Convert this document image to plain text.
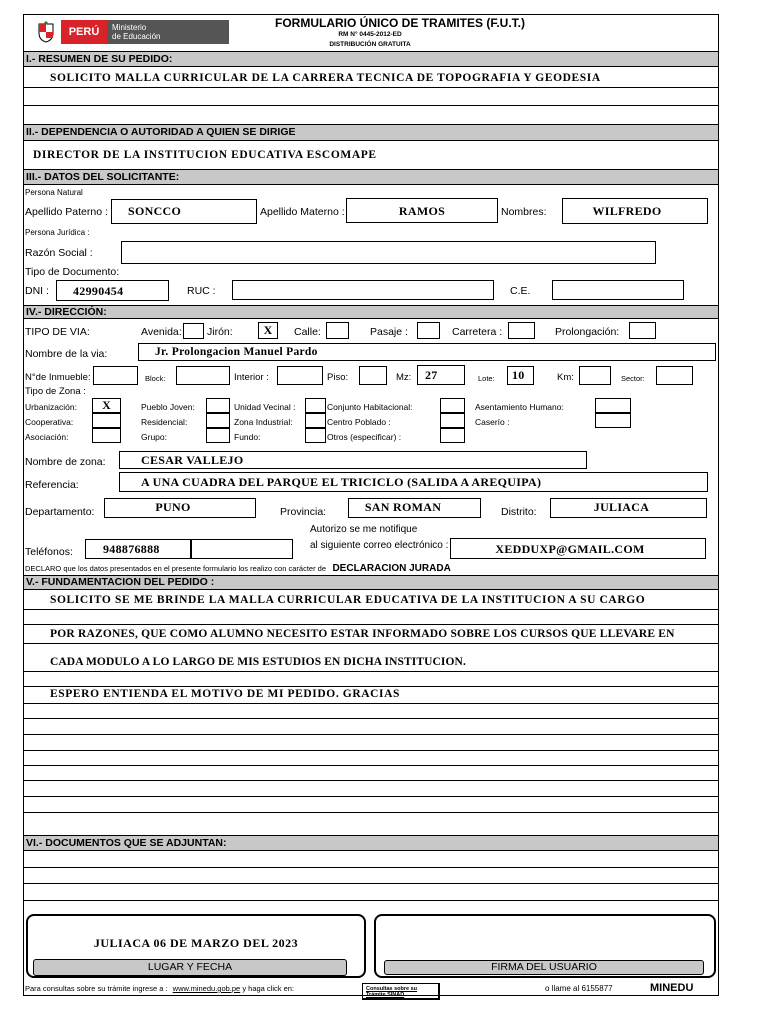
PERÚ	Ministerio
de Educación
FORMULARIO ÚNICO DE TRAMITES (F.U.T.)
RM N° 0445-2012-ED
DISTRIBUCIÓN GRATUITA
I.- RESUMEN DE SU PEDIDO:
SOLICITO MALLA CURRICULAR DE LA CARRERA TECNICA DE TOPOGRAFIA Y GEODESIA
II.- DEPENDENCIA O AUTORIDAD A QUIEN SE DIRIGE
DIRECTOR DE LA INSTITUCION EDUCATIVA ESCOMAPE
III.- DATOS DEL SOLICITANTE:
Persona Natural
Apellido Paterno : SONCCO	Apellido Materno :	RAMOS	Nombres:	WILFREDO
Persona Jurídica :
Razón Social :
Tipo de Documento:
DNI : 42990454	RUC :	C.E.
IV.- DIRECCIÓN:
TIPO DE VIA:	Avenida: Jirón:	X	Calle:	Pasaje :	Carretera :	Prolongación:
Nombre de la via:	Jr. Prolongacion Manuel Pardo
N°de Inmueble:	Block:	Interior :	Piso:	Mz: 27	Lote: 10	Km:	Sector:
Tipo de Zona :
Urbanización:	X	Pueblo Joven:	Unidad Vecinal :	Conjunto Habitacional:	Asentamiento Humano:
Cooperativa:	Residencial:	Zona Industrial:	Centro Poblado :	Caserío :
Asociación:	Grupo:	Fundo:	Otros (especificar) :
Nombre de zona:	CESAR VALLEJO
Referencia:	A UNA CUADRA DEL PARQUE EL TRICICLO (SALIDA A AREQUIPA)
Departamento:	PUNO	Provincia:	SAN ROMAN	Distrito:	JULIACA
Autorizo se me notifique
al siguiente correo electrónico :
Teléfonos:	948876888	XEDDUXP@GMAIL.COM
DECLARO que los datos presentados en el presente formulario los realizo con carácter de DECLARACION JURADA
V.- FUNDAMENTACION DEL PEDIDO :
SOLICITO SE ME BRINDE LA MALLA CURRICULAR EDUCATIVA DE LA INSTITUCION A SU CARGO
POR RAZONES, QUE COMO ALUMNO NECESITO ESTAR INFORMADO SOBRE LOS CURSOS QUE LLEVARE EN
CADA MODULO A LO LARGO DE MIS ESTUDIOS EN DICHA INSTITUCION.
ESPERO ENTIENDA EL MOTIVO DE MI PEDIDO. GRACIAS
VI.- DOCUMENTOS QUE SE ADJUNTAN:
JULIACA 06 DE MARZO DEL 2023
LUGAR Y FECHA	FIRMA DEL USUARIO
Para consultas sobre su trámite ingrese a : www.minedu.gob.pe y haga click en:	Consultas sobre su
Trámite SINAD
o llame al 6155877	MINEDU
